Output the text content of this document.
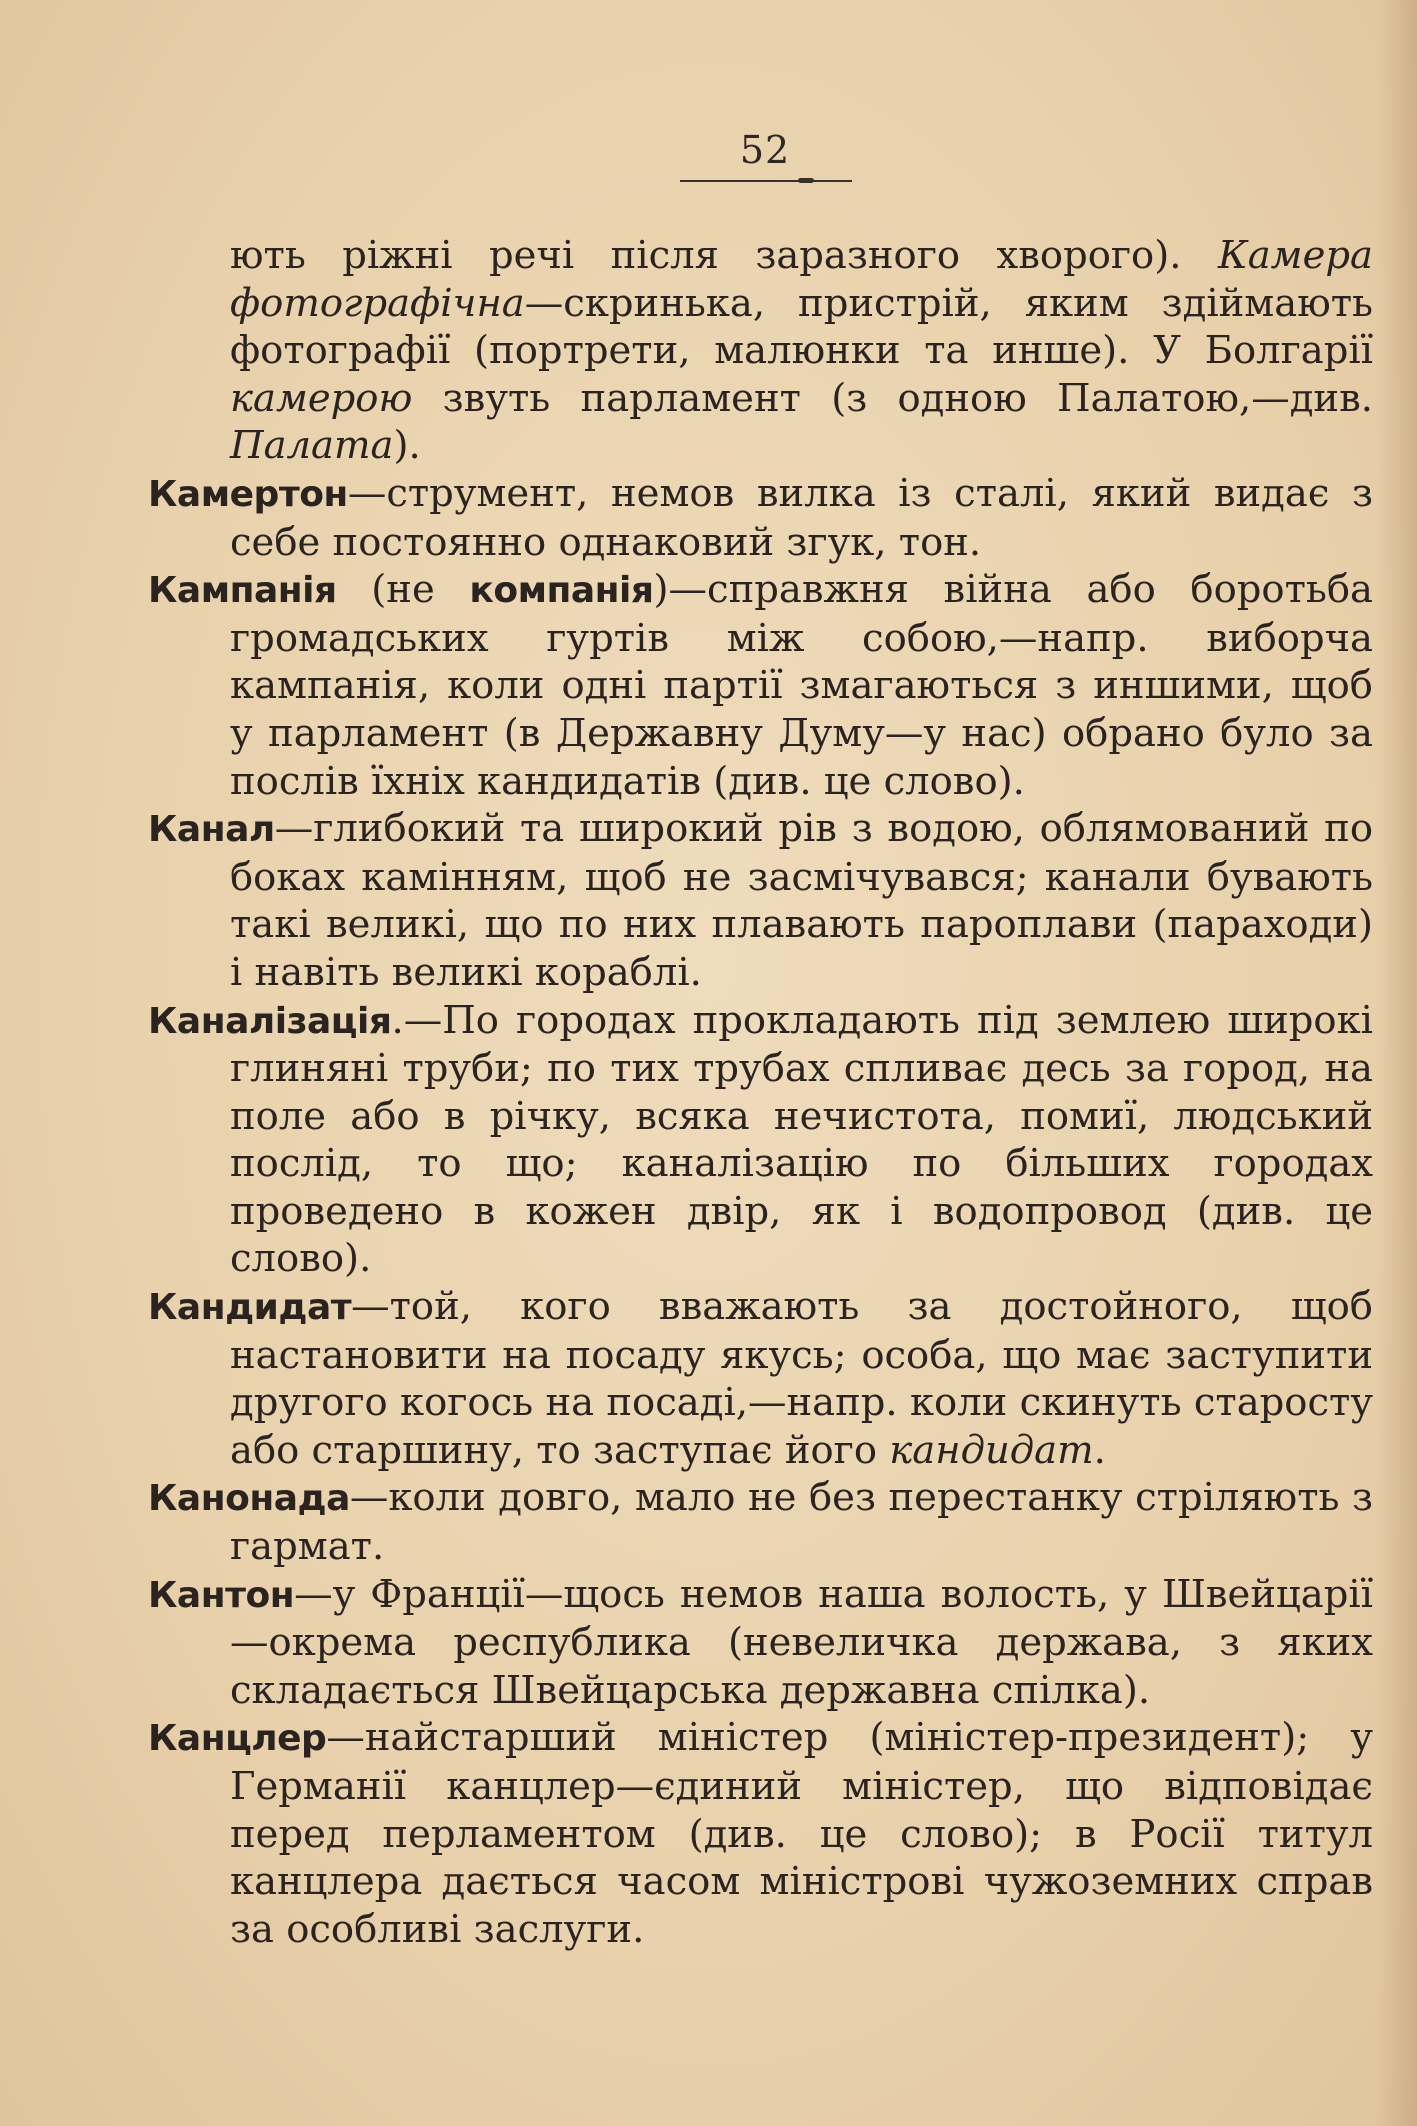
52

ють ріжні речі після заразного хворого). Камера фотографічна—скринька, пристрій, яким здіймають фотографії (портрети, малюнки та инше). У Болгарії камерою звуть парламент (з одною Палатою,—див. Палата).

Камертон—струмент, немов вилка із сталі, який видає з себе постоянно однаковий згук, тон.

Кампанія (не компанія)—справжня війна або боротьба громадських гуртів між собою,—напр. виборча кампанія, коли одні партії змагаються з иншими, щоб у парламент (в Державну Думу—у нас) обрано було за послів їхніх кандидатів (див. це слово).

Канал—глибокий та широкий рів з водою, облямований по боках камінням, щоб не засмічувався; канали бувають такі великі, що по них плавають пароплави (параходи) і навіть великі кораблі.

Каналізація.—По городах прокладають під землею широкі глиняні труби; по тих трубах спливає десь за город, на поле або в річку, всяка нечистота, помиї, людський послід, то що; каналізацію по більших городах проведено в кожен двір, як і водопровод (див. це слово).

Кандидат—той, кого вважають за достойного, щоб настановити на посаду якусь; особа, що має заступити другого когось на посаді,—напр. коли скинуть старосту або старшину, то заступає його кандидат.

Канонада—коли довго, мало не без перестанку стріляють з гармат.

Кантон—у Франції—щось немов наша волость, у Швейцарії—окрема республика (невеличка держава, з яких складається Швейцарська державна спілка).

Канцлер—найстарший міністер (міністер-президент); у Германії канцлер—єдиний міністер, що відповідає перед перламентом (див. це слово); в Росії титул канцлера дається часом міністрові чужоземних справ за особливі заслуги.
